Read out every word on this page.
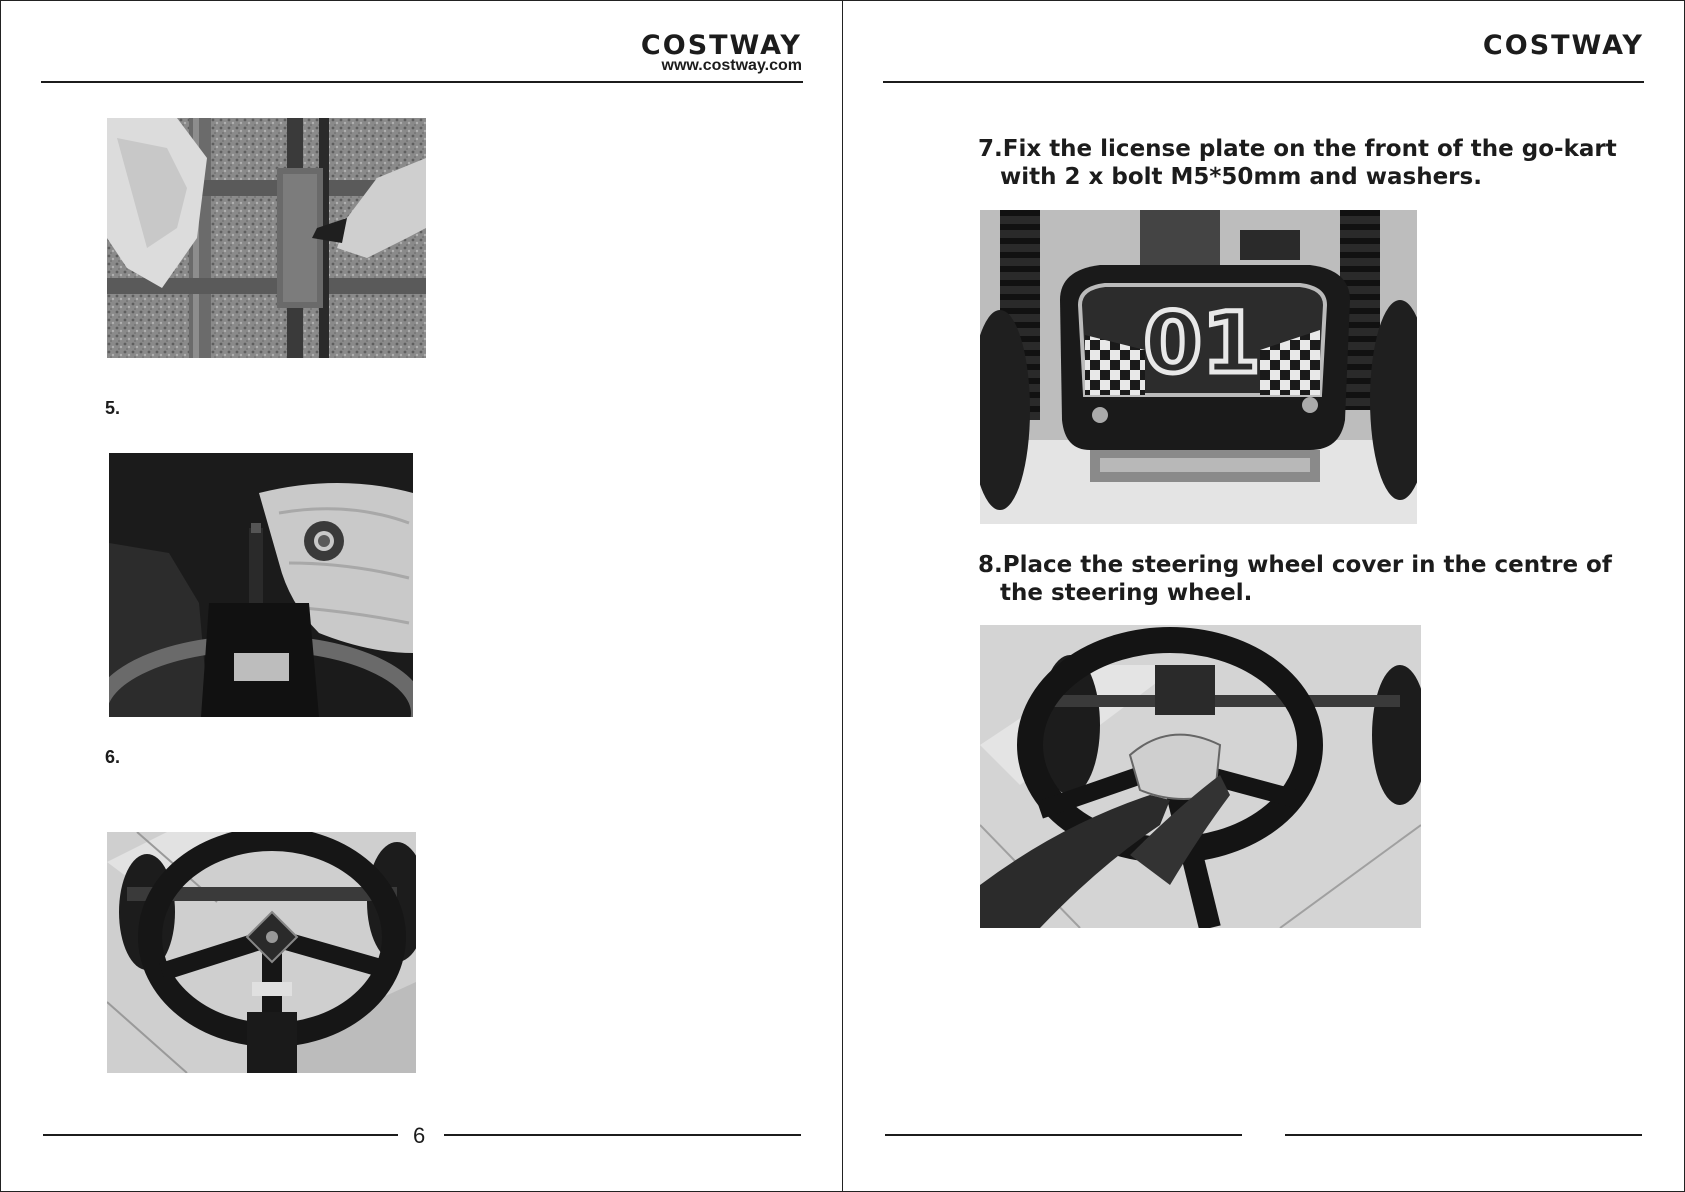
COSTWAY
www.costway.com
5.
6.
6
COSTWAY
7.Fix the license plate on the front of the go-kart
with 2 x bolt M5*50mm and washers.
01
8.Place the steering wheel cover in the centre of
the steering wheel.
